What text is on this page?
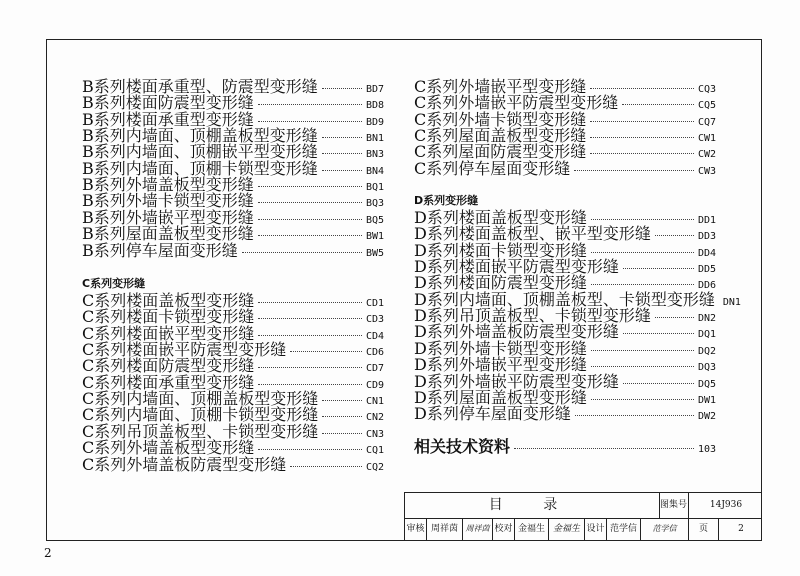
目 录	图集号	14J936
审核 周祥茵 周祥茵 校对 金福生 金福生 设计 范学信	范学信	页	2
2
B系列楼面承重型、防震型变形缝	BD7
B系列楼面防震型变形缝	BD8
B系列楼面承重型变形缝	BD9
B系列内墙面、顶棚盖板型变形缝	BN1
B系列内墙面、顶棚嵌平型变形缝	BN3
B系列内墙面、顶棚卡锁型变形缝	BN4
B系列外墙盖板型变形缝	BQ1
B系列外墙卡锁型变形缝	BQ3
B系列外墙嵌平型变形缝	BQ5
B系列屋面盖板型变形缝	BW1
B系列停车屋面变形缝	BW5
C系列变形缝
C系列楼面盖板型变形缝	CD1
C系列楼面卡锁型变形缝	CD3
C系列楼面嵌平型变形缝	CD4
C系列楼面嵌平防震型变形缝	CD6
C系列楼面防震型变形缝	CD7
C系列楼面承重型变形缝	CD9
C系列内墙面、顶棚盖板型变形缝	CN1
C系列内墙面、顶棚卡锁型变形缝	CN2
C系列吊顶盖板型、卡锁型变形缝	CN3
C系列外墙盖板型变形缝	CQ1
C系列外墙盖板防震型变形缝	CQ2
C系列外墙嵌平型变形缝	CQ3
C系列外墙嵌平防震型变形缝	CQ5
C系列外墙卡锁型变形缝	CQ7
C系列屋面盖板型变形缝	CW1
C系列屋面防震型变形缝	CW2
C系列停车屋面变形缝	CW3
D系列变形缝
D系列楼面盖板型变形缝	DD1
D系列楼面盖板型、嵌平型变形缝	DD3
D系列楼面卡锁型变形缝	DD4
D系列楼面嵌平防震型变形缝	DD5
D系列楼面防震型变形缝	DD6
D系列内墙面、顶棚盖板型、卡锁型变形缝 DN1
D系列吊顶盖板型、卡锁型变形缝	DN2
D系列外墙盖板防震型变形缝	DQ1
D系列外墙卡锁型变形缝	DQ2
D系列外墙嵌平型变形缝	DQ3
D系列外墙嵌平防震型变形缝	DQ5
D系列屋面盖板型变形缝	DW1
D系列停车屋面变形缝	DW2
相关技术资料	103
